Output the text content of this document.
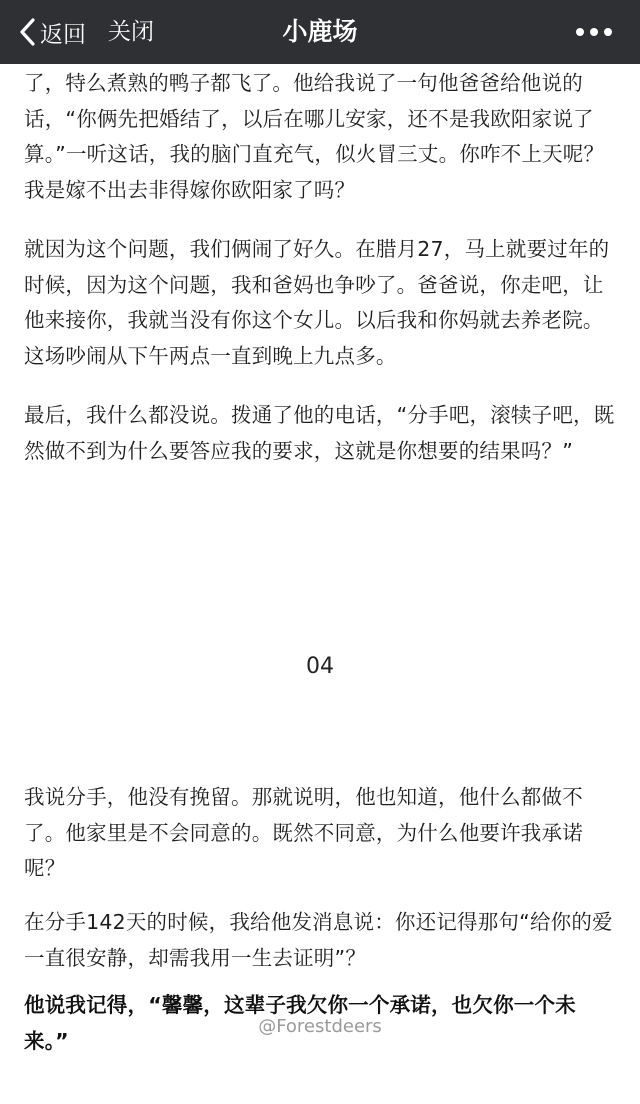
返回 关闭	小鹿场

了，特么煮熟的鸭子都飞了。他给我说了一句他爸爸给他说的话，“你俩先把婚结了，以后在哪儿安家，还不是我欧阳家说了算。”一听这话，我的脑门直充气，似火冒三丈。你咋不上天呢？我是嫁不出去非得嫁你欧阳家了吗？

就因为这个问题，我们俩闹了好久。在腊月27，马上就要过年的时候，因为这个问题，我和爸妈也争吵了。爸爸说，你走吧，让他来接你，我就当没有你这个女儿。以后我和你妈就去养老院。这场吵闹从下午两点一直到晚上九点多。

最后，我什么都没说。拨通了他的电话，“分手吧，滚犊子吧，既然做不到为什么要答应我的要求，这就是你想要的结果吗？”

04

我说分手，他没有挽留。那就说明，他也知道，他什么都做不了。他家里是不会同意的。既然不同意，为什么他要许我承诺呢？

在分手142天的时候，我给他发消息说：你还记得那句“给你的爱一直很安静，却需我用一生去证明”？

他说我记得，“馨馨，这辈子我欠你一个承诺，也欠你一个未来。”

@Forestdeers
